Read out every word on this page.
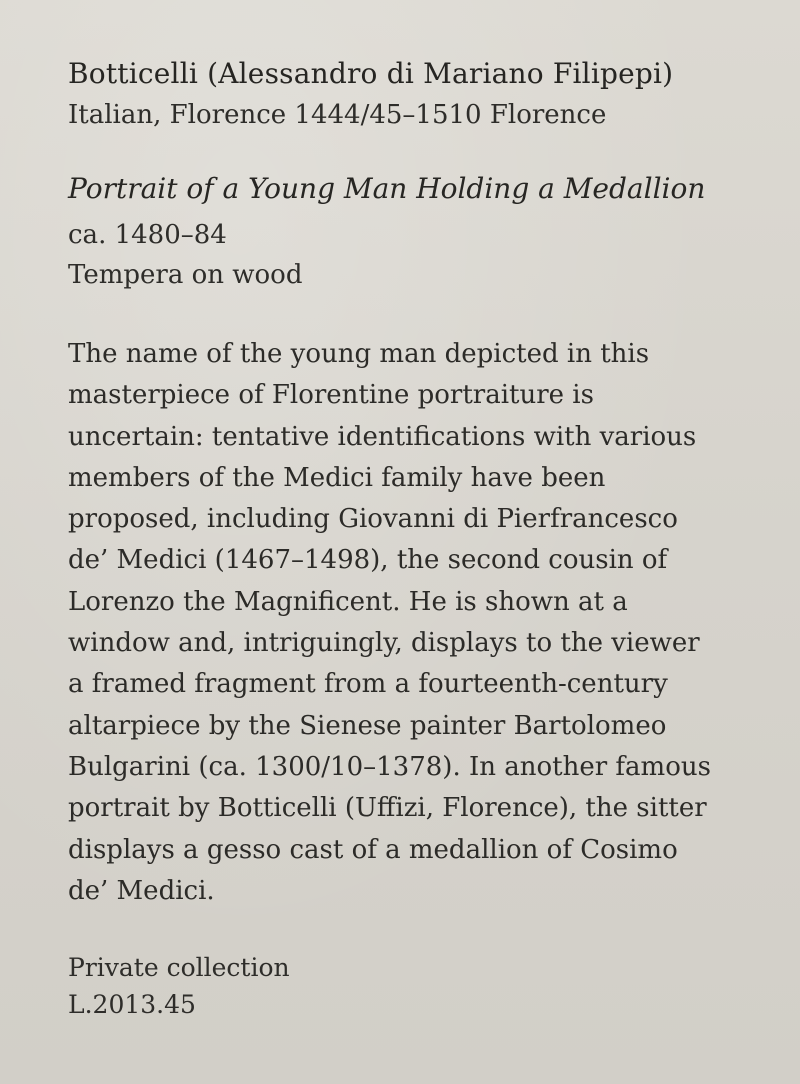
Botticelli (Alessandro di Mariano Filipepi)

Italian, Florence 1444/45–1510 Florence

Portrait of a Young Man Holding a Medallion

ca. 1480–84

Tempera on wood

The name of the young man depicted in this
masterpiece of Florentine portraiture is
uncertain: tentative identifications with various
members of the Medici family have been
proposed, including Giovanni di Pierfrancesco
de’ Medici (1467–1498), the second cousin of
Lorenzo the Magnificent. He is shown at a
window and, intriguingly, displays to the viewer
a framed fragment from a fourteenth-century
altarpiece by the Sienese painter Bartolomeo
Bulgarini (ca. 1300/10–1378). In another famous
portrait by Botticelli (Uffizi, Florence), the sitter
displays a gesso cast of a medallion of Cosimo
de’ Medici.

Private collection

L.2013.45
